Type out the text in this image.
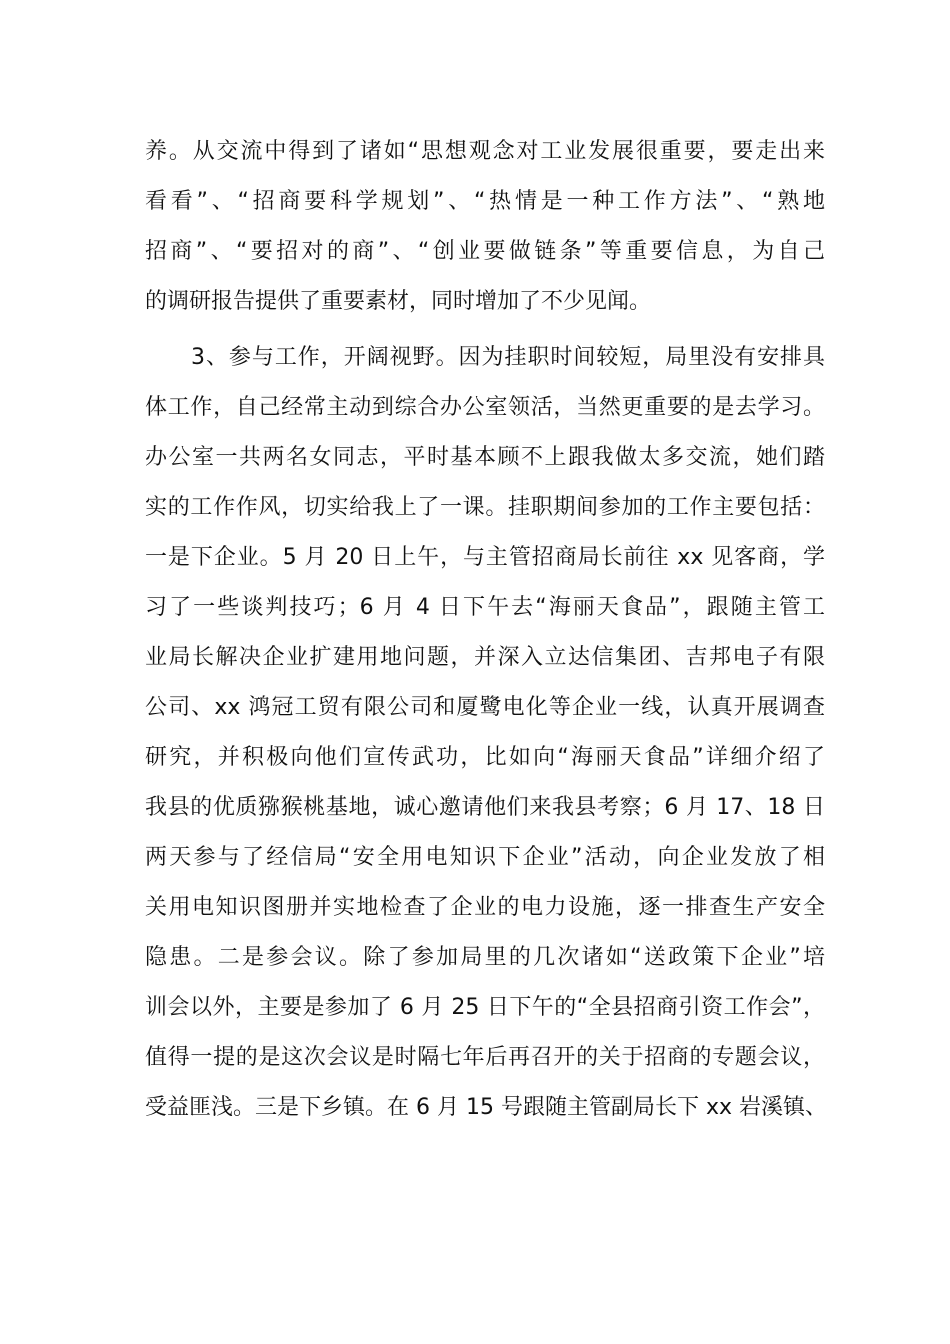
养。从交流中得到了诸如“思想观念对工业发展很重要，要走出来
看看”、“招商要科学规划”、“热情是一种工作方法”、“熟地
招商”、“要招对的商”、“创业要做链条”等重要信息，为自己
的调研报告提供了重要素材，同时增加了不少见闻。
3、参与工作，开阔视野。因为挂职时间较短，局里没有安排具
体工作，自己经常主动到综合办公室领活，当然更重要的是去学习。
办公室一共两名女同志，平时基本顾不上跟我做太多交流，她们踏
实的工作作风，切实给我上了一课。挂职期间参加的工作主要包括：
一是下企业。5 月 20 日上午，与主管招商局长前往 xx 见客商，学
习了一些谈判技巧；6 月 4 日下午去“海丽天食品”，跟随主管工
业局长解决企业扩建用地问题，并深入立达信集团、吉邦电子有限
公司、xx 鸿冠工贸有限公司和厦鹭电化等企业一线，认真开展调查
研究，并积极向他们宣传武功，比如向“海丽天食品”详细介绍了
我县的优质猕猴桃基地，诚心邀请他们来我县考察；6 月 17、18 日
两天参与了经信局“安全用电知识下企业”活动，向企业发放了相
关用电知识图册并实地检查了企业的电力设施，逐一排查生产安全
隐患。二是参会议。除了参加局里的几次诸如“送政策下企业”培
训会以外，主要是参加了 6 月 25 日下午的“全县招商引资工作会”，
值得一提的是这次会议是时隔七年后再召开的关于招商的专题会议，
受益匪浅。三是下乡镇。在 6 月 15 号跟随主管副局长下 xx 岩溪镇、
